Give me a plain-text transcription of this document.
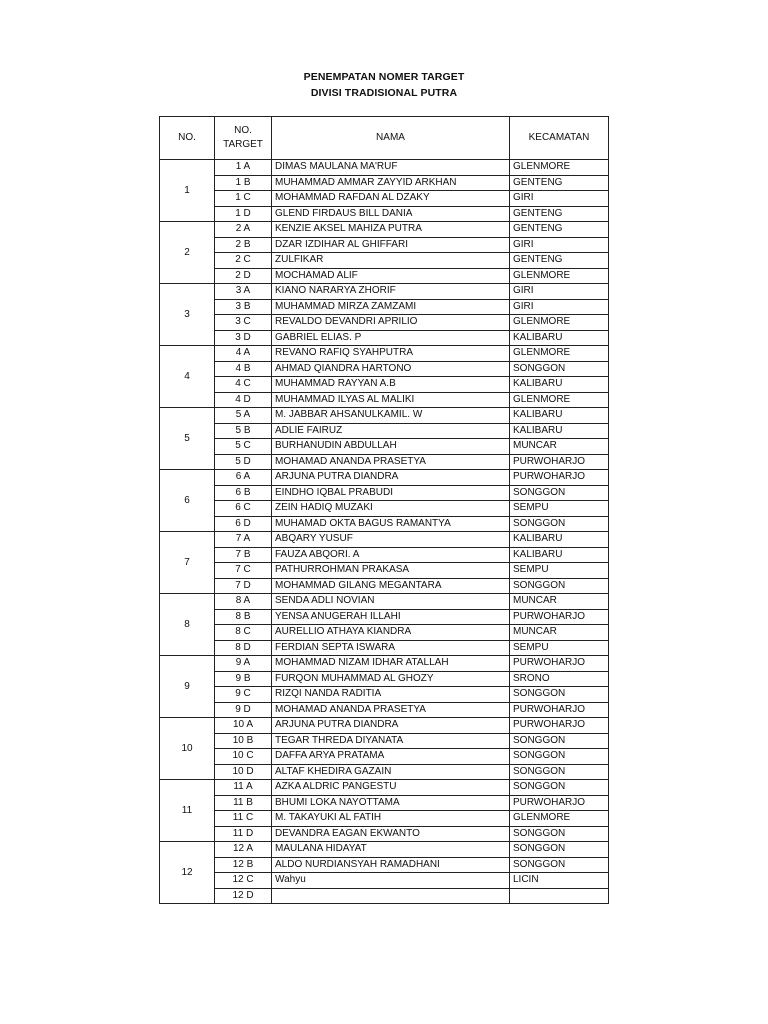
PENEMPATAN NOMER TARGET
DIVISI TRADISIONAL PUTRA
NO.	NO.
TARGET	NAMA	KECAMATAN
1	1 A	DIMAS MAULANA MA'RUF	GLENMORE
	1 B	MUHAMMAD AMMAR ZAYYID ARKHAN	GENTENG
	1 C	MOHAMMAD RAFDAN AL DZAKY	GIRI
	1 D	GLEND FIRDAUS BILL DANIA	GENTENG
2	2 A	KENZIE AKSEL MAHIZA PUTRA	GENTENG
	2 B	DZAR IZDIHAR AL GHIFFARI	GIRI
	2 C	ZULFIKAR	GENTENG
	2 D	MOCHAMAD ALIF	GLENMORE
3	3 A	KIANO NARARYA ZHORIF	GIRI
	3 B	MUHAMMAD MIRZA ZAMZAMI	GIRI
	3 C	REVALDO DEVANDRI APRILIO	GLENMORE
	3 D	GABRIEL ELIAS. P	KALIBARU
4	4 A	REVANO RAFIQ SYAHPUTRA	GLENMORE
	4 B	AHMAD QIANDRA HARTONO	SONGGON
	4 C	MUHAMMAD RAYYAN A.B	KALIBARU
	4 D	MUHAMMAD ILYAS AL MALIKI	GLENMORE
5	5 A	M. JABBAR AHSANULKAMIL. W	KALIBARU
	5 B	ADLIE FAIRUZ	KALIBARU
	5 C	BURHANUDIN ABDULLAH	MUNCAR
	5 D	MOHAMAD ANANDA PRASETYA	PURWOHARJO
6	6 A	ARJUNA PUTRA DIANDRA	PURWOHARJO
	6 B	EINDHO IQBAL PRABUDI	SONGGON
	6 C	ZEIN HADIQ MUZAKI	SEMPU
	6 D	MUHAMAD OKTA BAGUS RAMANTYA	SONGGON
7	7 A	ABQARY YUSUF	KALIBARU
	7 B	FAUZA ABQORI. A	KALIBARU
	7 C	PATHURROHMAN PRAKASA	SEMPU
	7 D	MOHAMMAD GILANG MEGANTARA	SONGGON
8	8 A	SENDA ADLI NOVIAN	MUNCAR
	8 B	YENSA ANUGERAH ILLAHI	PURWOHARJO
	8 C	AURELLIO ATHAYA KIANDRA	MUNCAR
	8 D	FERDIAN SEPTA ISWARA	SEMPU
9	9 A	MOHAMMAD NIZAM IDHAR ATALLAH	PURWOHARJO
	9 B	FURQON MUHAMMAD AL GHOZY	SRONO
	9 C	RIZQI NANDA RADITIA	SONGGON
	9 D	MOHAMAD ANANDA PRASETYA	PURWOHARJO
10	10 A	ARJUNA PUTRA DIANDRA	PURWOHARJO
	10 B	TEGAR THREDA DIYANATA	SONGGON
	10 C	DAFFA ARYA PRATAMA	SONGGON
	10 D	ALTAF KHEDIRA GAZAIN	SONGGON
11	11 A	AZKA ALDRIC PANGESTU	SONGGON
	11 B	BHUMI LOKA NAYOTTAMA	PURWOHARJO
	11 C	M. TAKAYUKI AL FATIH	GLENMORE
	11 D	DEVANDRA EAGAN EKWANTO	SONGGON
12	12 A	MAULANA HIDAYAT	SONGGON
	12 B	ALDO NURDIANSYAH RAMADHANI	SONGGON
	12 C	Wahyu	LICIN
	12 D		
